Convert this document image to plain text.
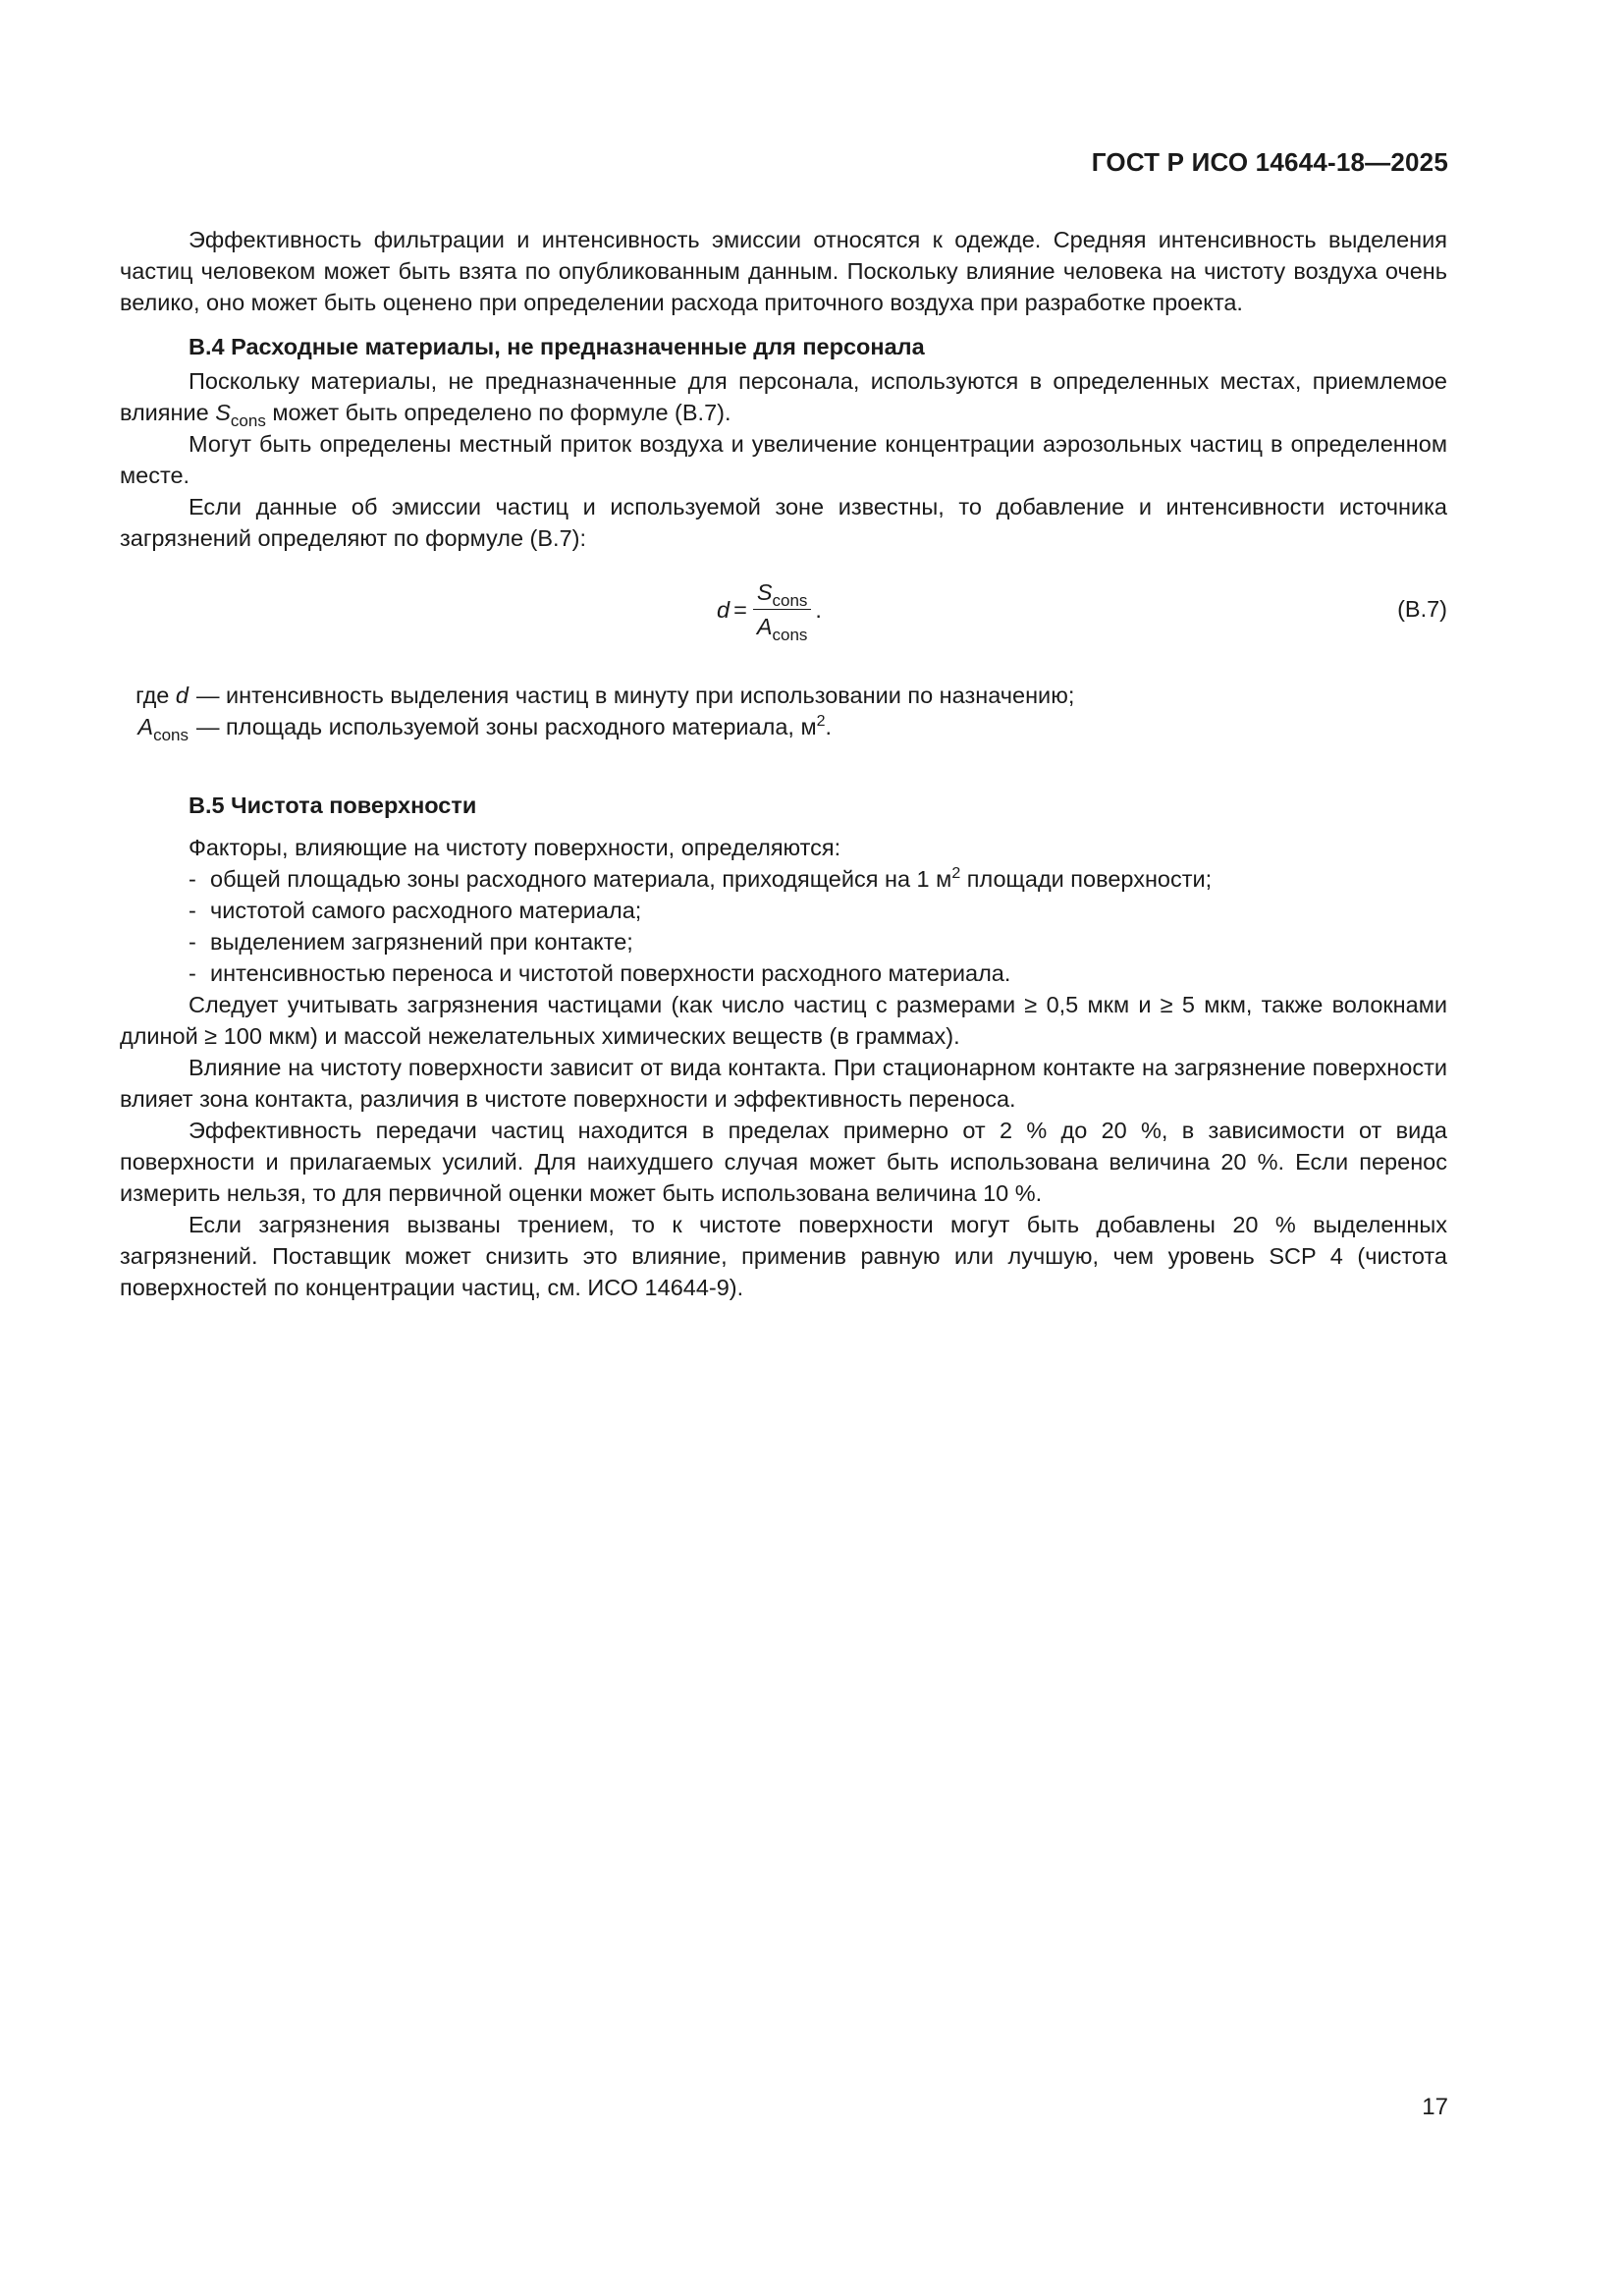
ГОСТ Р ИСО 14644-18—2025

Эффективность фильтрации и интенсивность эмиссии относятся к одежде. Средняя интенсивность выделения частиц человеком может быть взята по опубликованным данным. Поскольку влияние человека на чистоту воздуха очень велико, оно может быть оценено при определении расхода приточного воздуха при разработке проекта.

B.4 Расходные материалы, не предназначенные для персонала

Поскольку материалы, не предназначенные для персонала, используются в определенных местах, приемлемое влияние $S_{cons}$ может быть определено по формуле (B.7).

Могут быть определены местный приток воздуха и увеличение концентрации аэрозольных частиц в определенном месте.

Если данные об эмиссии частиц и используемой зоне известны, то добавление и интенсивности источника загрязнений определяют по формуле (B.7):

$d = \frac{S_{cons}}{A_{cons}}$ .	(B.7)
где d — интенсивность выделения частиц в минуту при использовании по назначению;
$A_{cons}$ — площадь используемой зоны расходного материала, $м^2$.

B.5 Чистота поверхности

Факторы, влияющие на чистоту поверхности, определяются:

- общей площадью зоны расходного материала, приходящейся на 1 $м^2$ площади поверхности;
- чистотой самого расходного материала;
- выделением загрязнений при контакте;
- интенсивностью переноса и чистотой поверхности расходного материала.

Следует учитывать загрязнения частицами (как число частиц с размерами ≥ 0,5 мкм и ≥ 5 мкм, также волокнами длиной ≥ 100 мкм) и массой нежелательных химических веществ (в граммах).

Влияние на чистоту поверхности зависит от вида контакта. При стационарном контакте на загрязнение поверхности влияет зона контакта, различия в чистоте поверхности и эффективность переноса.

Эффективность передачи частиц находится в пределах примерно от 2 % до 20 %, в зависимости от вида поверхности и прилагаемых усилий. Для наихудшего случая может быть использована величина 20 %. Если перенос измерить нельзя, то для первичной оценки может быть использована величина 10 %.

Если загрязнения вызваны трением, то к чистоте поверхности могут быть добавлены 20 % выделенных загрязнений. Поставщик может снизить это влияние, применив равную или лучшую, чем уровень SCP 4 (чистота поверхностей по концентрации частиц, см. ИСО 14644-9).

17
